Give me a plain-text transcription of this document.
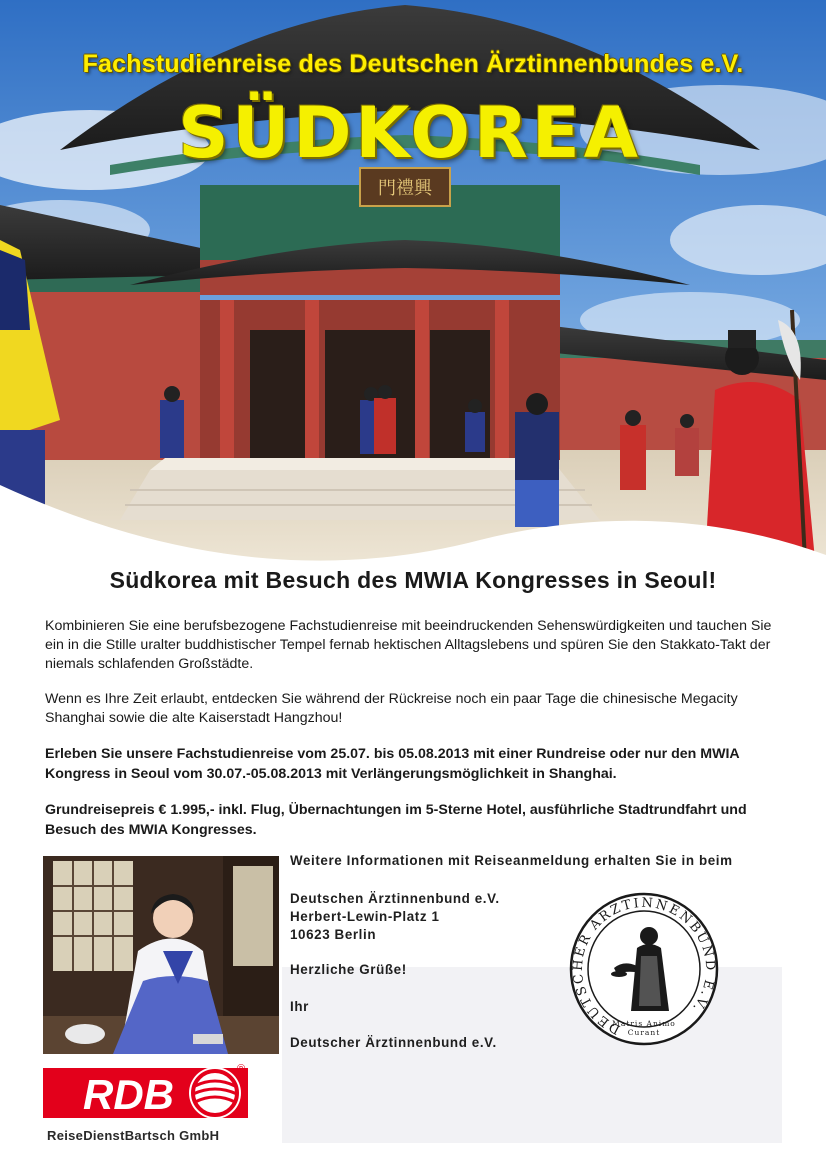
門禮興
Fachstudienreise des Deutschen Ärztinnenbundes e.V.
SÜDKOREA
Südkorea mit Besuch des MWIA Kongresses in Seoul!

Kombinieren Sie eine berufsbezogene Fachstudienreise mit beeindruckenden Sehenswürdigkeiten und tauchen Sie ein in die Stille uralter buddhistischer Tempel fernab hektischen Alltagslebens und spüren Sie den Stakkato-Takt der niemals schlafenden Großstädte.

Wenn es Ihre Zeit erlaubt, entdecken Sie während der Rückreise noch ein paar Tage die chinesische Megacity Shanghai sowie die alte Kaiserstadt Hangzhou!

Erleben Sie unsere Fachstudienreise vom 25.07. bis 05.08.2013 mit einer Rundreise oder nur den MWIA Kongress in Seoul vom 30.07.-05.08.2013 mit Verlängerungsmöglichkeit in Shanghai.

Grundreisepreis € 1.995,- inkl. Flug, Übernachtungen im 5-Sterne Hotel, ausführliche Stadtrundfahrt und Besuch des MWIA Kongresses.

RDB
®
ReiseDienstBartsch GmbH
Weitere Informationen mit Reiseanmeldung erhalten Sie in beim
Deutschen Ärztinnenbund e.V.
Herbert-Lewin-Platz 1
10623 Berlin
Herzliche Grüße!
Ihr
Deutscher Ärztinnenbund e.V.
DEUTSCHER ÄRZTINNENBUND E.V.
Matris Animo
Curant
